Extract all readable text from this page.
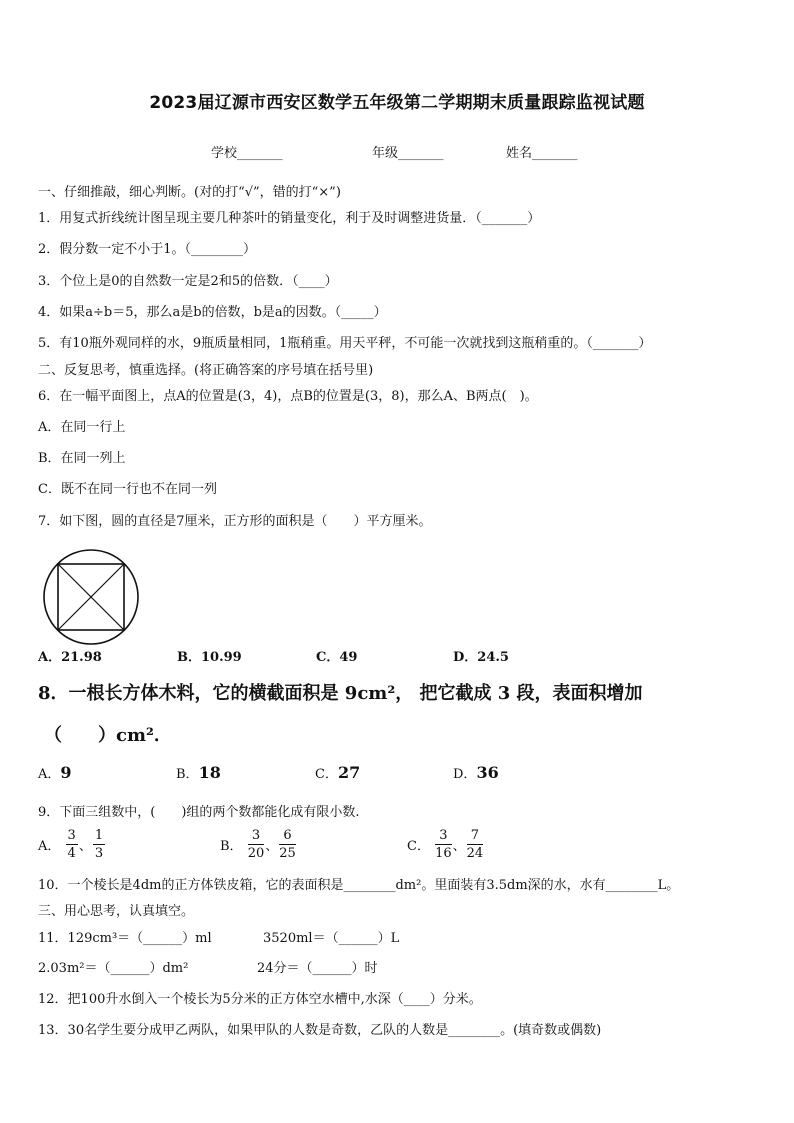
2023届辽源市西安区数学五年级第二学期期末质量跟踪监视试题
学校_______	年级_______	姓名_______
一、仔细推敲，细心判断。(对的打“√”，错的打“×”)
1．用复式折线统计图呈现主要几种茶叶的销量变化，利于及时调整进货量．（_______）
2．假分数一定不小于1。（________）
3．个位上是0的自然数一定是2和5的倍数．（____）
4．如果a÷b＝5，那么a是b的倍数，b是a的因数。（_____）
5．有10瓶外观同样的水，9瓶质量相同，1瓶稍重。用天平秤，不可能一次就找到这瓶稍重的。（_______）
二、反复思考，慎重选择。(将正确答案的序号填在括号里)
6．在一幅平面图上，点A的位置是(3，4)，点B的位置是(3，8)，那么A、B两点(　)。
A．在同一行上
B．在同一列上
C．既不在同一行也不在同一列
7．如下图，圆的直径是7厘米，正方形的面积是（　　）平方厘米。
A．21.98	B．10.99	C．49	D．24.5
8．一根长方体木料，它的横截面积是 9cm²， 把它截成 3 段，表面积增加
（　　）cm²．
A．9	B．18	C．27	D．36
9．下面三组数中，(　　)组的两个数都能化成有限小数.
A． $\frac{3}{4}$ 、 $\frac{1}{3}$	B． $\frac{3}{20}$ 、 $\frac{6}{25}$	C． $\frac{3}{16}$ 、 $\frac{7}{24}$
10．一个棱长是4dm的正方体铁皮箱，它的表面积是________dm²。里面装有3.5dm深的水，水有________L。
三、用心思考，认真填空。
11．129cm³＝（______）ml	3520ml＝（______）L
2.03m²＝（______）dm²	24分＝（______）时
12．把100升水倒入一个棱长为5分米的正方体空水槽中,水深（____）分米。
13．30名学生要分成甲乙两队，如果甲队的人数是奇数，乙队的人数是________。(填奇数或偶数)
